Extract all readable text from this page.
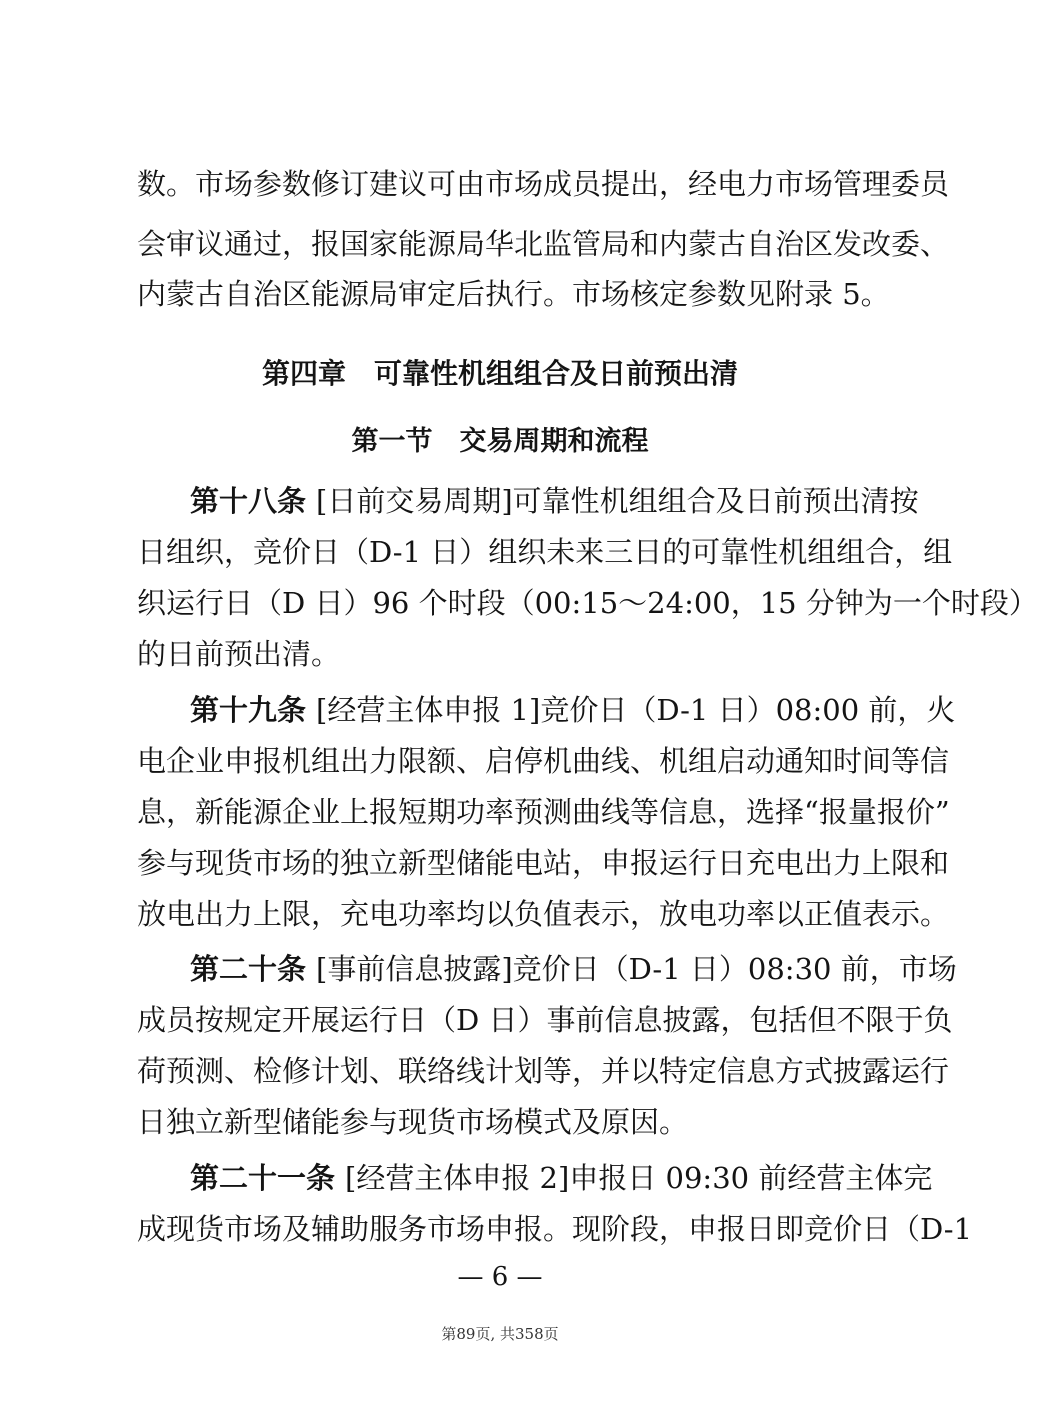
数。市场参数修订建议可由市场成员提出，经电力市场管理委员

会审议通过，报国家能源局华北监管局和内蒙古自治区发改委、

内蒙古自治区能源局审定后执行。市场核定参数见附录 5。

第四章　可靠性机组组合及日前预出清
第一节　交易周期和流程

第十八条 [日前交易周期]可靠性机组组合及日前预出清按

日组织，竞价日（D-1 日）组织未来三日的可靠性机组组合，组

织运行日（D 日）96 个时段（00:15～24:00，15 分钟为一个时段）

的日前预出清。

第十九条 [经营主体申报 1]竞价日（D-1 日）08:00 前，火

电企业申报机组出力限额、启停机曲线、机组启动通知时间等信

息，新能源企业上报短期功率预测曲线等信息，选择“报量报价”

参与现货市场的独立新型储能电站，申报运行日充电出力上限和

放电出力上限，充电功率均以负值表示，放电功率以正值表示。

第二十条 [事前信息披露]竞价日（D-1 日）08:30 前，市场

成员按规定开展运行日（D 日）事前信息披露，包括但不限于负

荷预测、检修计划、联络线计划等，并以特定信息方式披露运行

日独立新型储能参与现货市场模式及原因。

第二十一条 [经营主体申报 2]申报日 09:30 前经营主体完

成现货市场及辅助服务市场申报。现阶段，申报日即竞价日（D-1

— 6 —
第89页, 共358页
